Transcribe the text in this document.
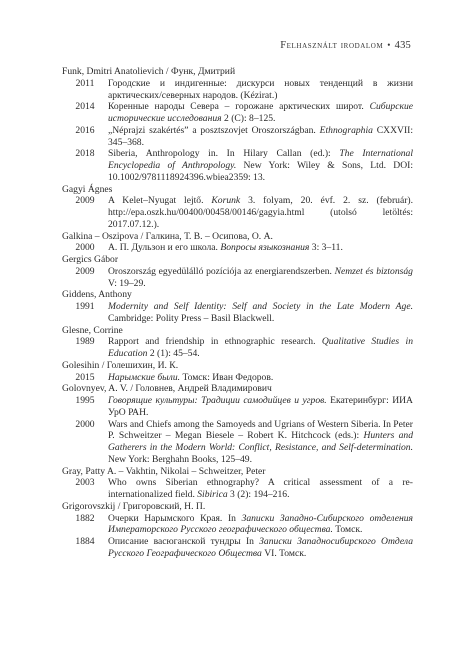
Felhasznált irodalom • 435

Funk, Dmitri Anatolievich / Функ, Дмитрий

2011	Городские и индигенные: дискурси новых тенденций в жизни арктических/северных народов. (Kézirat.)
2014	Коренные народы Севера – горожане арктических широт. Сибирские исторические исследования 2 (C): 8–125.
2016	„Néprajzi szakértés” a posztszovjet Oroszországban. Ethnographia CXXVII: 345–368.
2018	Siberia, Anthropology in. In Hilary Callan (ed.): The International Encyclopedia of Anthropology. New York: Wiley & Sons, Ltd. DOI: 10.1002/9781118924396.wbiea2359: 13.

Gagyi Ágnes

2009	A Kelet–Nyugat lejtő. Korunk 3. folyam, 20. évf. 2. sz. (február). http://epa.oszk.hu/00400/00458/00146/gagyia.html (utolsó letöltés: 2017.07.12.).

Galkina – Oszipova / Галкина, Т. В. – Осипова, О. А.

2000	А. П. Дульзон и его школа. Вопросы языкознания 3: 3–11.

Gergics Gábor

2009	Oroszország egyedülálló pozíciója az energiarendszerben. Nemzet és biztonság V: 19–29.

Giddens, Anthony

1991	Modernity and Self Identity: Self and Society in the Late Modern Age. Cambridge: Polity Press – Basil Blackwell.

Glesne, Corrine

1989	Rapport and friendship in ethnographic research. Qualitative Studies in Education 2 (1): 45–54.

Golesihin / Голешихин, И. К.

2015	Нарымские были. Томск: Иван Федоров.

Golovnyev, A. V. / Головнев, Андрей Владимирович

1995	Говорящие культуры: Традиции самодийцев и угров. Екатеринбург: ИИА УрО РАН.
2000	Wars and Chiefs among the Samoyeds and Ugrians of Western Siberia. In Peter P. Schweitzer – Megan Biesele – Robert K. Hitchcock (eds.): Hunters and Gatherers in the Modern World: Conflict, Resistance, and Self-determination. New York: Berghahn Books, 125–49.

Gray, Patty A. – Vakhtin, Nikolai – Schweitzer, Peter

2003	Who owns Siberian ethnography? A critical assessment of a re-internationalized field. Sibirica 3 (2): 194–216.

Grigorovszkij / Григоровский, Н. П.

1882	Очерки Нарымского Края. In Записки Западно-Сибирского отделения Императорского Русского географического общества. Томск.
1884	Описание васюганской тундры In Записки Западносибирского Отдела Русского Географического Общества VI. Томск.
